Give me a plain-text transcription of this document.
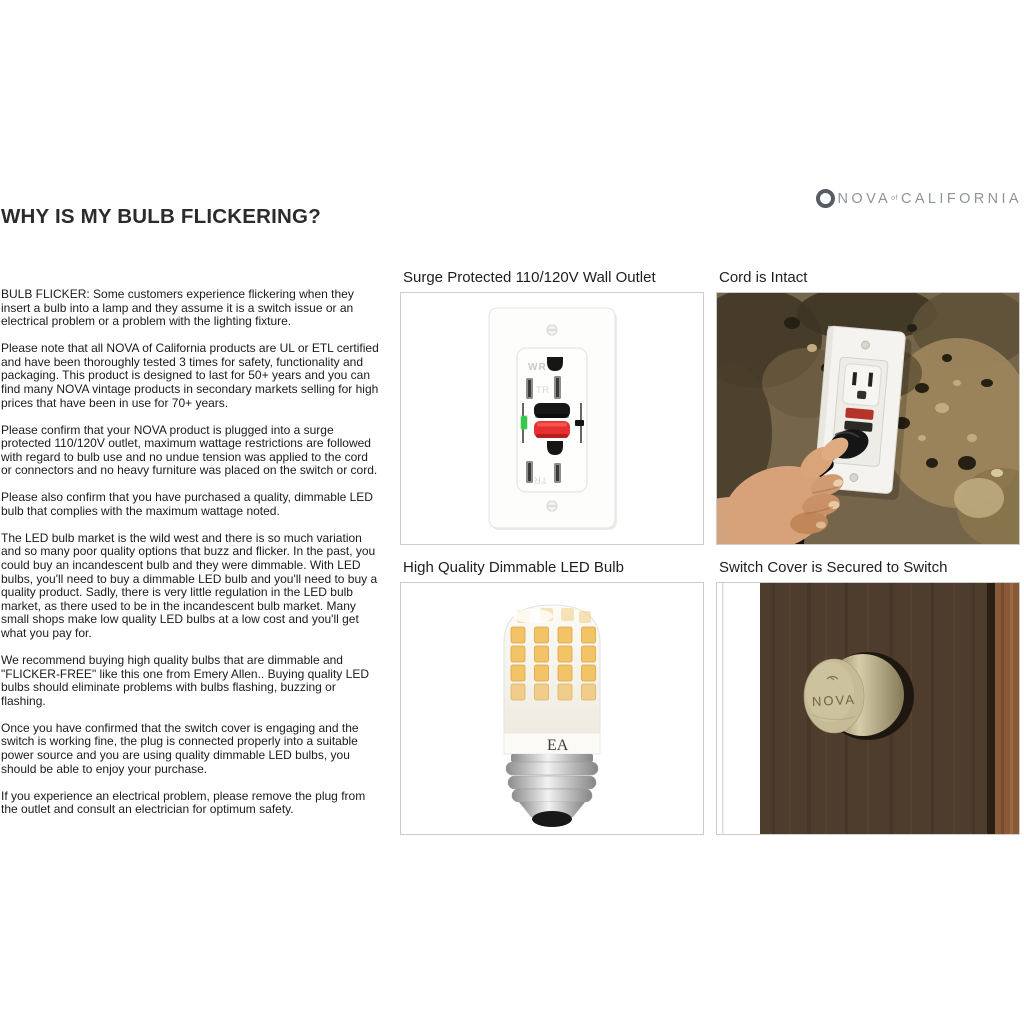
WHY IS MY BULB FLICKERING?
NOVA of CALIFORNIA

BULB FLICKER: Some customers experience flickering when they insert a bulb into a lamp and they assume it is a switch issue or an electrical problem or a problem with the lighting fixture.

Please note that all NOVA of California products are UL or ETL certified and have been thoroughly tested 3 times for safety, functionality and packaging. This product is designed to last for 50+ years and you can find many NOVA vintage products in secondary markets selling for high prices that have been in use for 70+ years.

Please confirm that your NOVA product is plugged into a surge protected 110/120V outlet, maximum wattage restrictions are followed with regard to bulb use and no undue tension was applied to the cord or connectors and no heavy furniture was placed on the switch or cord.

Please also confirm that you have purchased a quality, dimmable LED bulb that complies with the maximum wattage noted.

The LED bulb market is the wild west and there is so much variation and so many poor quality options that buzz and flicker. In the past, you could buy an incandescent bulb and they were dimmable. With LED bulbs, you'll need to buy a dimmable LED bulb and you'll need to buy a quality product. Sadly, there is very little regulation in the LED bulb market, as there used to be in the incandescent bulb market. Many small shops make low quality LED bulbs at a low cost and you'll get what you pay for.

We recommend buying high quality bulbs that are dimmable and "FLICKER-FREE" like this one from Emery Allen.. Buying quality LED bulbs should eliminate problems with bulbs flashing, buzzing or flashing.

Once you have confirmed that the switch cover is engaging and the switch is working fine, the plug is connected properly into a suitable power source and you are using quality dimmable LED bulbs, you should be able to enjoy your purchase.

If you experience an electrical problem, please remove the plug from the outlet and consult an electrician for optimum safety.

Surge Protected 110/120V Wall Outlet
WR
TR
TR
Cord is Intact
High Quality Dimmable LED Bulb
EA
Switch Cover is Secured to Switch
NOVA
